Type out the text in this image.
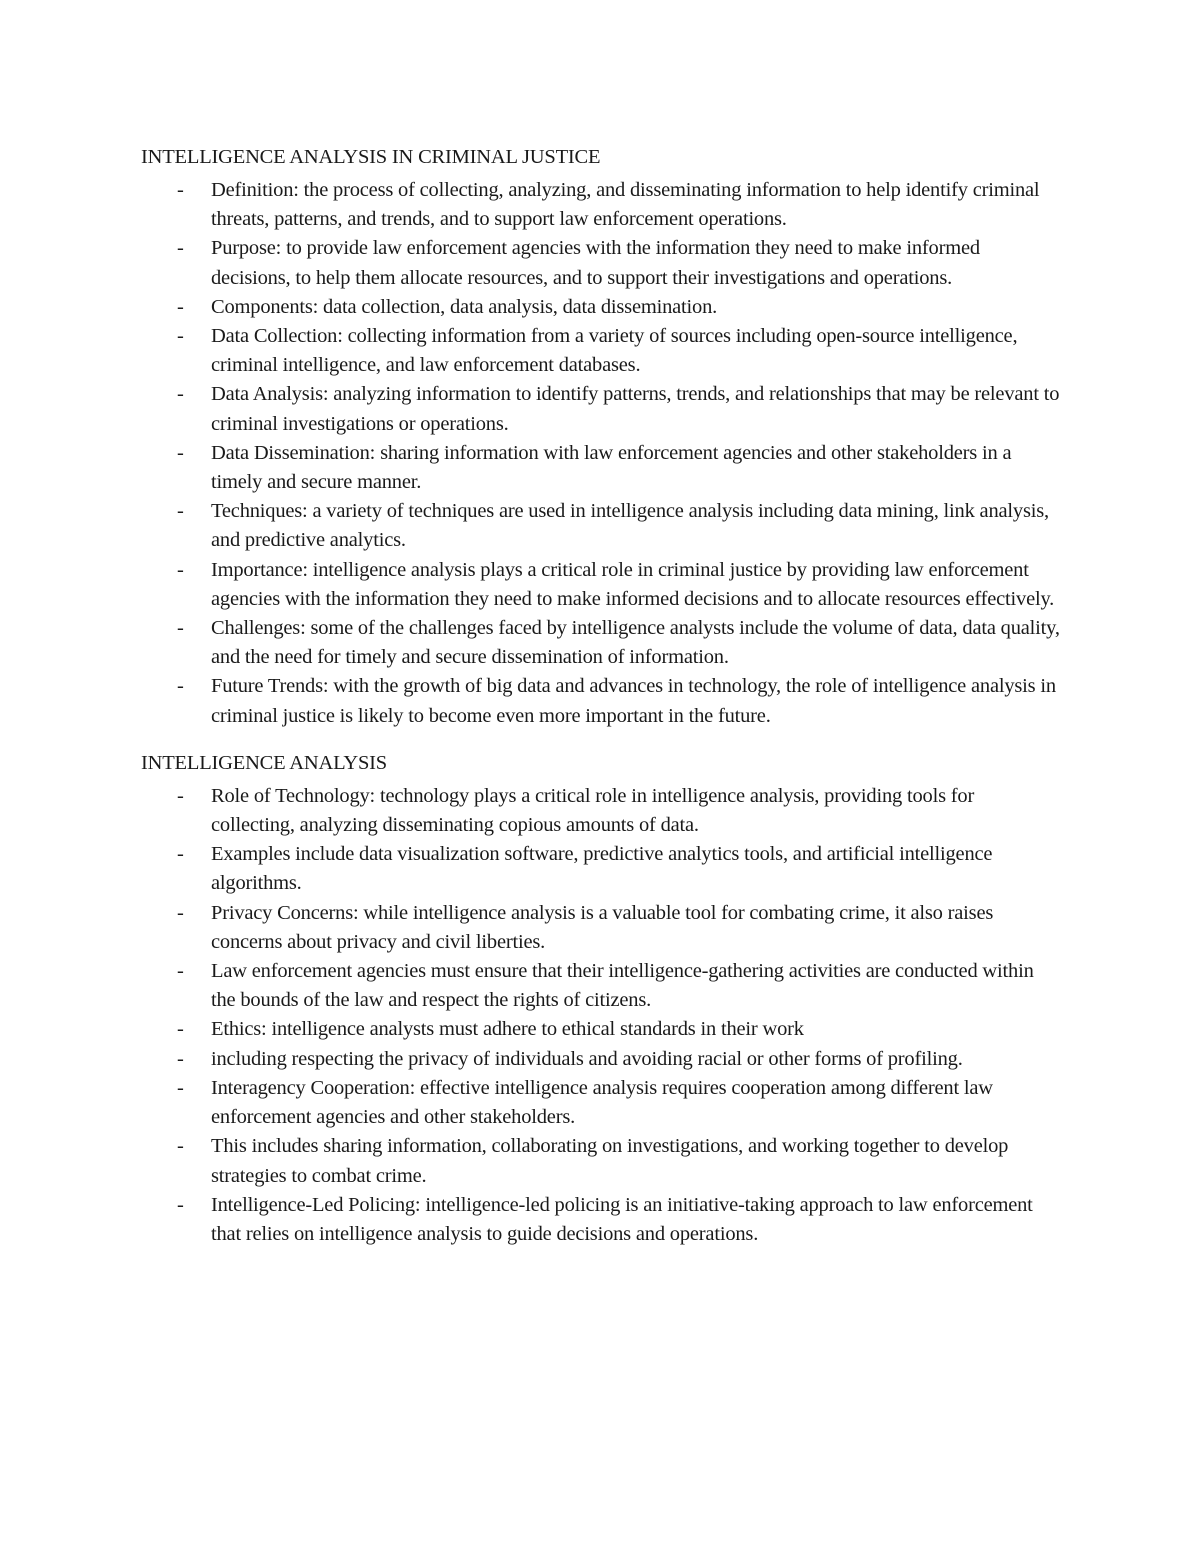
INTELLIGENCE ANALYSIS IN CRIMINAL JUSTICE
- Definition: the process of collecting, analyzing, and disseminating information to help identify criminal threats, patterns, and trends, and to support law enforcement operations.
- Purpose: to provide law enforcement agencies with the information they need to make informed decisions, to help them allocate resources, and to support their investigations and operations.
- Components: data collection, data analysis, data dissemination.
- Data Collection: collecting information from a variety of sources including open-source intelligence, criminal intelligence, and law enforcement databases.
- Data Analysis: analyzing information to identify patterns, trends, and relationships that may be relevant to criminal investigations or operations.
- Data Dissemination: sharing information with law enforcement agencies and other stakeholders in a timely and secure manner.
- Techniques: a variety of techniques are used in intelligence analysis including data mining, link analysis, and predictive analytics.
- Importance: intelligence analysis plays a critical role in criminal justice by providing law enforcement agencies with the information they need to make informed decisions and to allocate resources effectively.
- Challenges: some of the challenges faced by intelligence analysts include the volume of data, data quality, and the need for timely and secure dissemination of information.
- Future Trends: with the growth of big data and advances in technology, the role of intelligence analysis in criminal justice is likely to become even more important in the future.
INTELLIGENCE ANALYSIS
- Role of Technology: technology plays a critical role in intelligence analysis, providing tools for collecting, analyzing disseminating copious amounts of data.
- Examples include data visualization software, predictive analytics tools, and artificial intelligence algorithms.
- Privacy Concerns: while intelligence analysis is a valuable tool for combating crime, it also raises concerns about privacy and civil liberties.
- Law enforcement agencies must ensure that their intelligence-gathering activities are conducted within the bounds of the law and respect the rights of citizens.
- Ethics: intelligence analysts must adhere to ethical standards in their work
- including respecting the privacy of individuals and avoiding racial or other forms of profiling.
- Interagency Cooperation: effective intelligence analysis requires cooperation among different law enforcement agencies and other stakeholders.
- This includes sharing information, collaborating on investigations, and working together to develop strategies to combat crime.
- Intelligence-Led Policing: intelligence-led policing is an initiative-taking approach to law enforcement that relies on intelligence analysis to guide decisions and operations.
